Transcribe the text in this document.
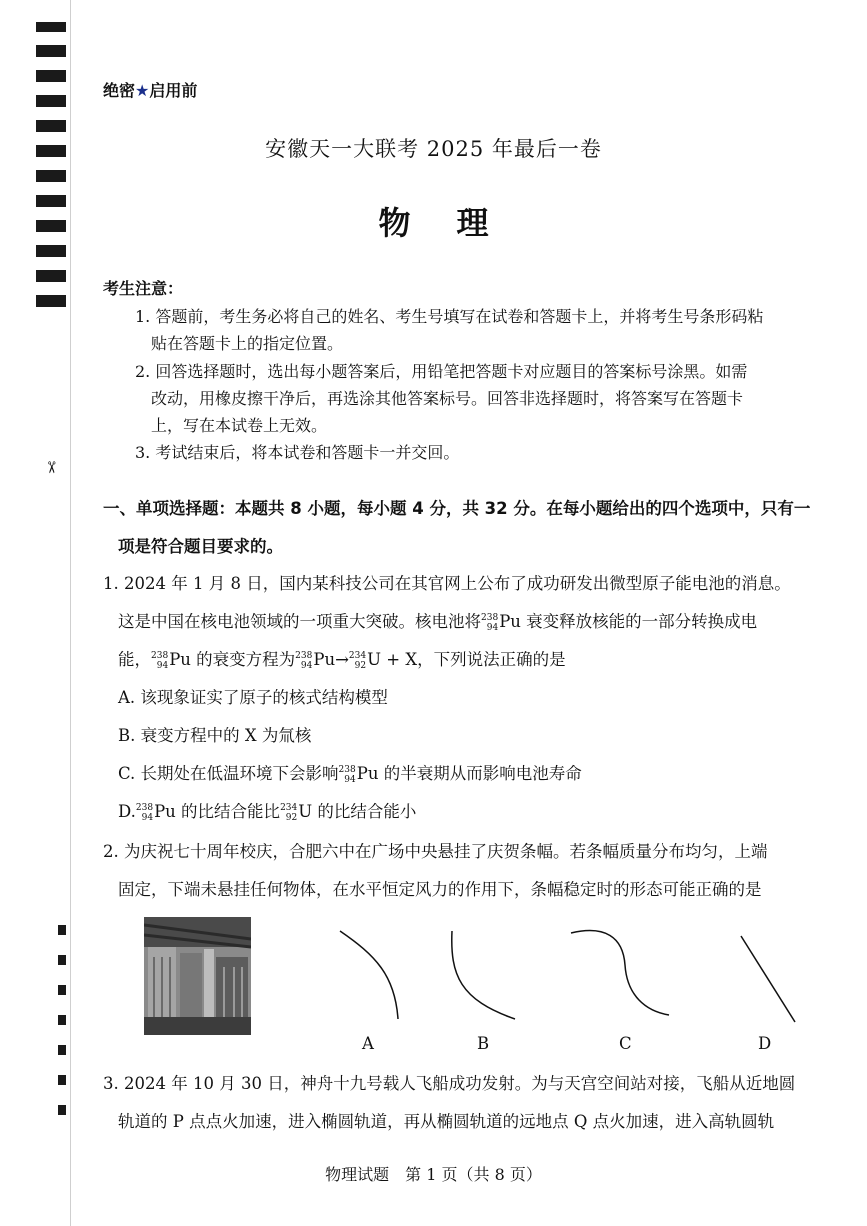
✂
绝密★启用前
安徽天一大联考 2025 年最后一卷
物理
考生注意：
1. 答题前，考生务必将自己的姓名、考生号填写在试卷和答题卡上，并将考生号条形码粘
贴在答题卡上的指定位置。
2. 回答选择题时，选出每小题答案后，用铅笔把答题卡对应题目的答案标号涂黑。如需
改动，用橡皮擦干净后，再选涂其他答案标号。回答非选择题时，将答案写在答题卡
上，写在本试卷上无效。
3. 考试结束后，将本试卷和答题卡一并交回。
一、单项选择题：本题共 8 小题，每小题 4 分，共 32 分。在每小题给出的四个选项中，只有一
项是符合题目要求的。
1. 2024 年 1 月 8 日，国内某科技公司在其官网上公布了成功研发出微型原子能电池的消息。
这是中国在核电池领域的一项重大突破。核电池将 238
94 Pu 衰变释放核能的一部分转换成电
能， 238
94 Pu 的衰变方程为 238
94 Pu→ 234
92 U + X，下列说法正确的是
A. 该现象证实了原子的核式结构模型
B. 衰变方程中的 X 为氚核
C. 长期处在低温环境下会影响 238
94 Pu 的半衰期从而影响电池寿命
D. 238
94 Pu 的比结合能比 234
92 U 的比结合能小
2. 为庆祝七十周年校庆，合肥六中在广场中央悬挂了庆贺条幅。若条幅质量分布均匀，上端
固定，下端未悬挂任何物体，在水平恒定风力的作用下，条幅稳定时的形态可能正确的是
A	B	C	D
3. 2024 年 10 月 30 日，神舟十九号载人飞船成功发射。为与天宫空间站对接，飞船从近地圆
轨道的 P 点点火加速，进入椭圆轨道，再从椭圆轨道的远地点 Q 点火加速，进入高轨圆轨
物理试题　第 1 页（共 8 页）
